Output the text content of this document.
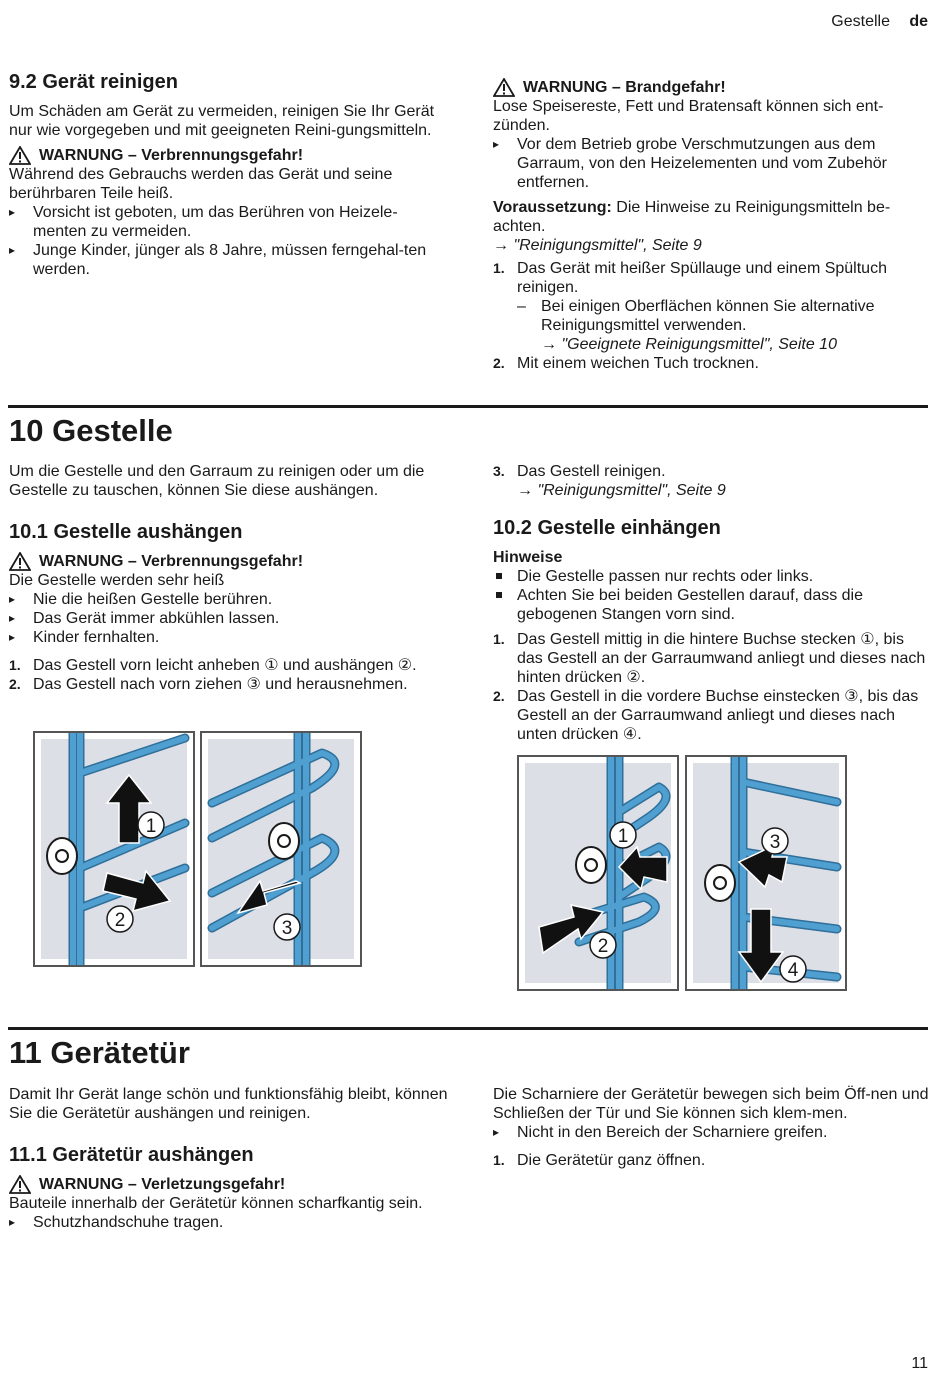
Gestelle de
9.2 Gerät reinigen

Um Schäden am Gerät zu vermeiden, reinigen Sie Ihr Gerät nur wie vorgegeben und mit geeigneten Reini-gungsmitteln.

WARNUNG – Verbrennungsgefahr!

Während des Gebrauchs werden das Gerät und seine berührbaren Teile heiß.

▸ Vorsicht ist geboten, um das Berühren von Heizele-menten zu vermeiden.
▸ Junge Kinder, jünger als 8 Jahre, müssen ferngehal-ten werden.
WARNUNG – Brandgefahr!

Lose Speisereste, Fett und Bratensaft können sich ent-zünden.

▸ Vor dem Betrieb grobe Verschmutzungen aus dem Garraum, von den Heizelementen und vom Zubehör entfernen.

Voraussetzung: Die Hinweise zu Reinigungsmitteln be-achten.

→ "Reinigungsmittel", Seite 9

1. Das Gerät mit heißer Spüllauge und einem Spültuch reinigen.
– Bei einigen Oberflächen können Sie alternative Reinigungsmittel verwenden.
→ "Geeignete Reinigungsmittel", Seite 10
2. Mit einem weichen Tuch trocknen.
10 Gestelle

Um die Gestelle und den Garraum zu reinigen oder um die Gestelle zu tauschen, können Sie diese aushängen.

10.1 Gestelle aushängen
WARNUNG – Verbrennungsgefahr!

Die Gestelle werden sehr heiß

▸ Nie die heißen Gestelle berühren.
▸ Das Gerät immer abkühlen lassen.
▸ Kinder fernhalten.
1. Das Gestell vorn leicht anheben ① und aushängen ②.
2. Das Gestell nach vorn ziehen ③ und herausnehmen.
1
2	3
3. Das Gestell reinigen.
→ "Reinigungsmittel", Seite 9
10.2 Gestelle einhängen
Hinweise
Die Gestelle passen nur rechts oder links.
Achten Sie bei beiden Gestellen darauf, dass die gebogenen Stangen vorn sind.
1. Das Gestell mittig in die hintere Buchse stecken ①, bis das Gestell an der Garraumwand anliegt und dieses nach hinten drücken ②.
2. Das Gestell in die vordere Buchse einstecken ③, bis das Gestell an der Garraumwand anliegt und dieses nach unten drücken ④.
1
2
3
4
11 Gerätetür

Damit Ihr Gerät lange schön und funktionsfähig bleibt, können Sie die Gerätetür aushängen und reinigen.

11.1 Gerätetür aushängen
WARNUNG – Verletzungsgefahr!

Bauteile innerhalb der Gerätetür können scharfkantig sein.

▸ Schutzhandschuhe tragen.

Die Scharniere der Gerätetür bewegen sich beim Öff-nen und Schließen der Tür und Sie können sich klem-men.

▸ Nicht in den Bereich der Scharniere greifen.
1. Die Gerätetür ganz öffnen.
11
